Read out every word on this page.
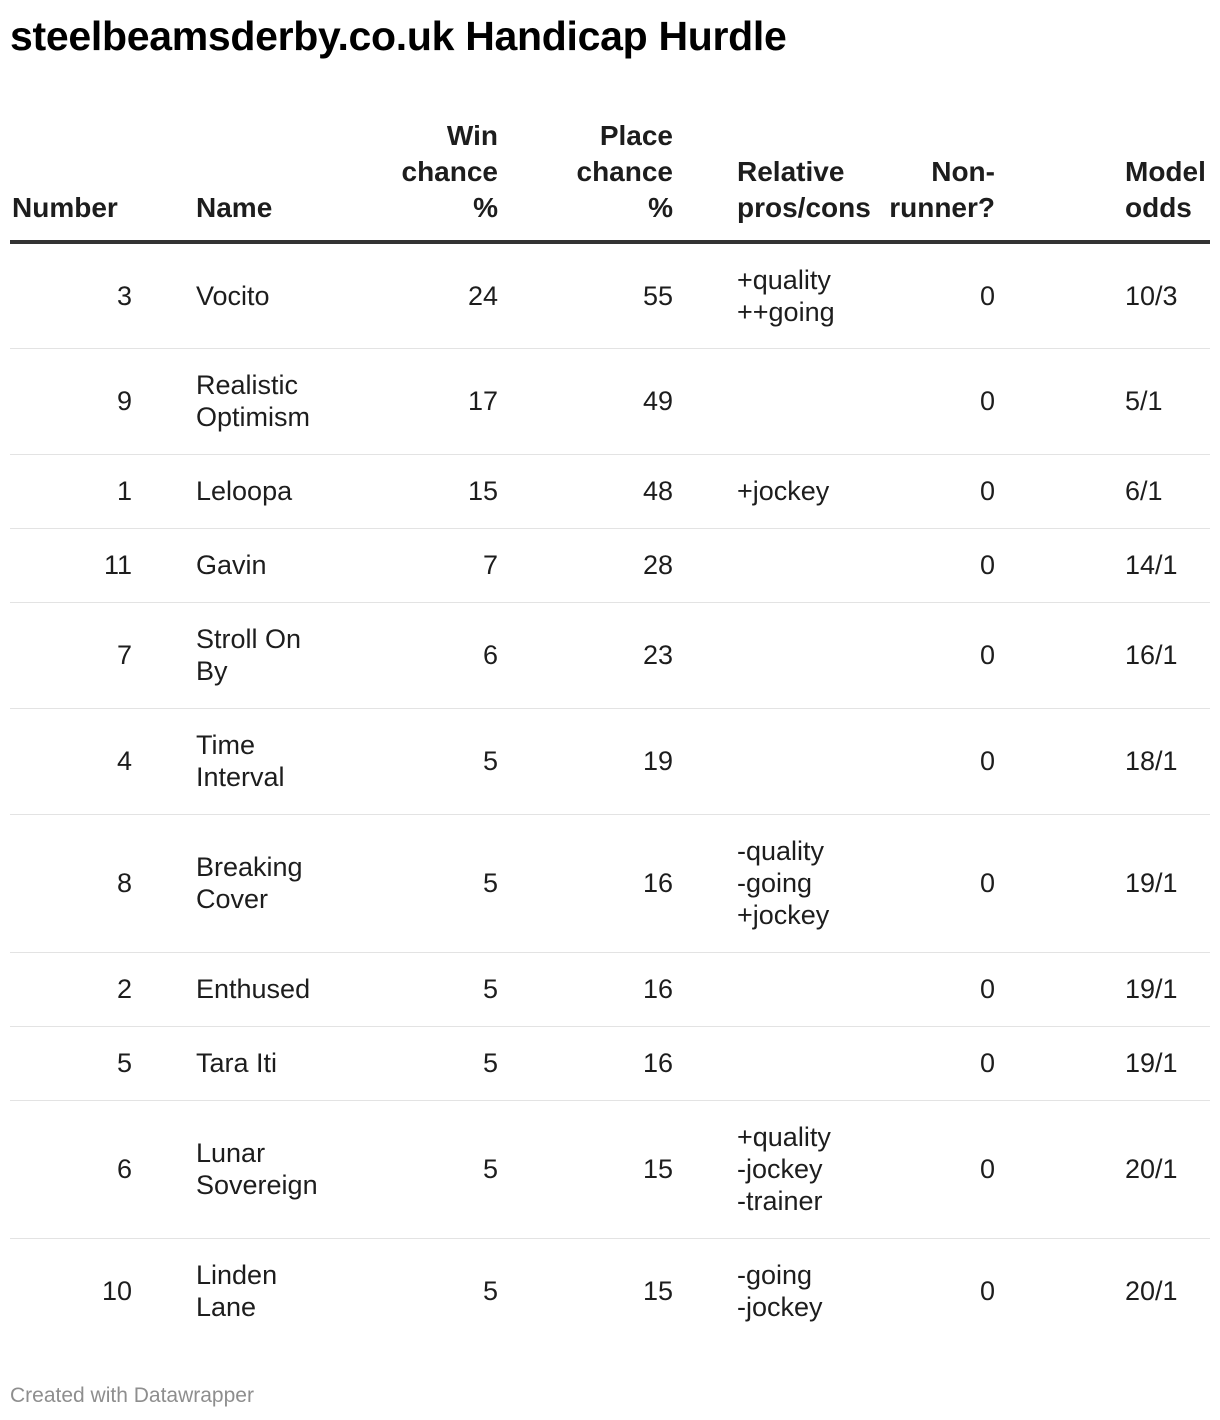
steelbeamsderby.co.uk Handicap Hurdle
Number	Name	Win
chance
%	Place
chance
%	Relative
pros/cons	Non-
runner?	Model
odds

3	Vocito	24	55	+quality
++going	0	10/3
9	Realistic
Optimism	17	49		0	5/1
1	Leloopa	15	48	+jockey	0	6/1
11	Gavin	7	28		0	14/1
7	Stroll On
By	6	23		0	16/1
4	Time
Interval	5	19		0	18/1
8	Breaking
Cover	5	16	-quality
-going
+jockey	0	19/1
2	Enthused	5	16		0	19/1
5	Tara Iti	5	16		0	19/1
6	Lunar
Sovereign	5	15	+quality
-jockey
-trainer	0	20/1
10	Linden
Lane	5	15	-going
-jockey	0	20/1
Created with Datawrapper
